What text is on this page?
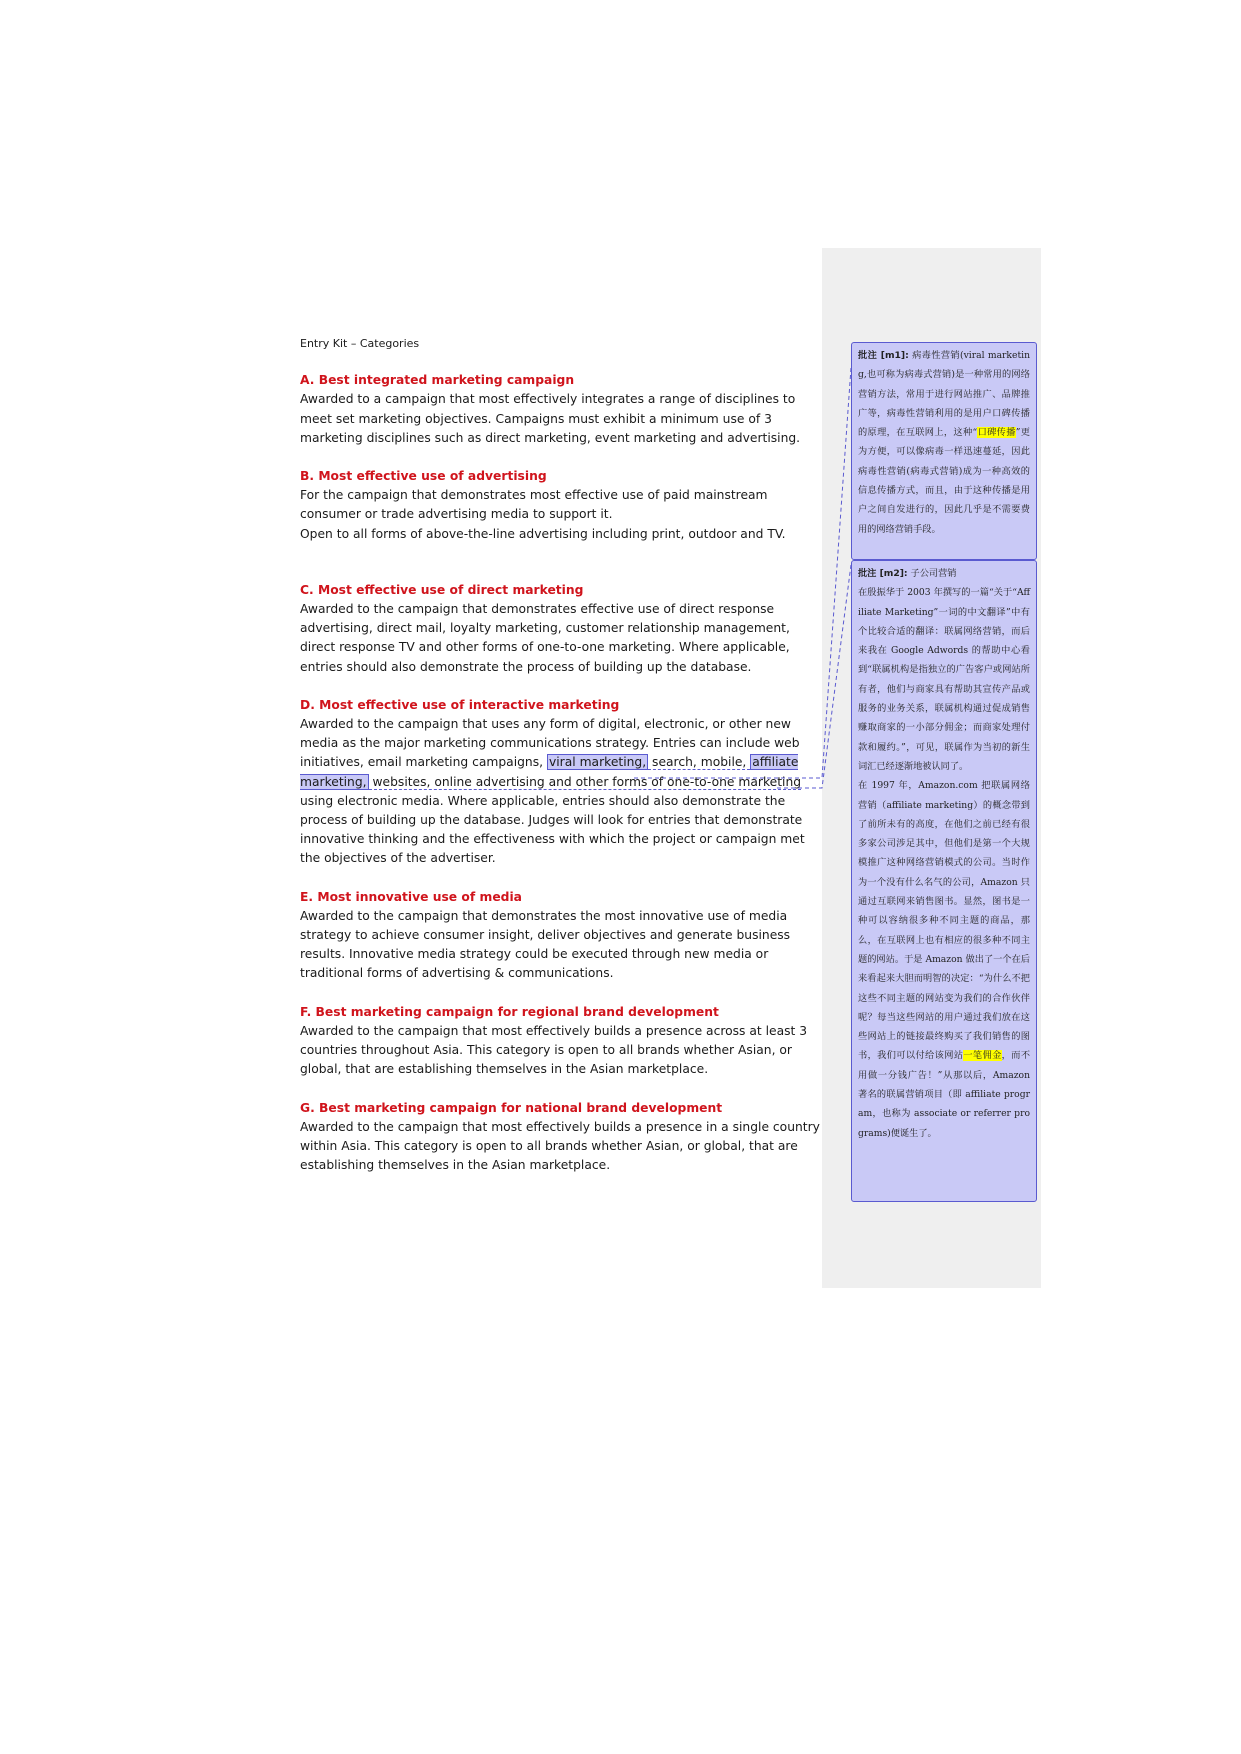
Entry Kit – Categories

A. Best integrated marketing campaign

Awarded to a campaign that most effectively integrates a range of disciplines to meet set marketing objectives. Campaigns must exhibit a minimum use of 3 marketing disciplines such as direct marketing, event marketing and advertising.

B. Most effective use of advertising

For the campaign that demonstrates most effective use of paid mainstream consumer or trade advertising media to support it.

Open to all forms of above-the-line advertising including print, outdoor and TV.

C. Most effective use of direct marketing

Awarded to the campaign that demonstrates effective use of direct response advertising, direct mail, loyalty marketing, customer relationship management, direct response TV and other forms of one-to-one marketing. Where applicable, entries should also demonstrate the process of building up the database.

D. Most effective use of interactive marketing

Awarded to the campaign that uses any form of digital, electronic, or other new media as the major marketing communications strategy. Entries can include web initiatives, email marketing campaigns, viral marketing, search, mobile, affiliate marketing, websites, online advertising and other forms of one-to-one marketing using electronic media. Where applicable, entries should also demonstrate the process of building up the database. Judges will look for entries that demonstrate innovative thinking and the effectiveness with which the project or campaign met the objectives of the advertiser.

E. Most innovative use of media

Awarded to the campaign that demonstrates the most innovative use of media strategy to achieve consumer insight, deliver objectives and generate business results. Innovative media strategy could be executed through new media or traditional forms of advertising & communications.

F. Best marketing campaign for regional brand development

Awarded to the campaign that most effectively builds a presence across at least 3 countries throughout Asia. This category is open to all brands whether Asian, or global, that are establishing themselves in the Asian marketplace.

G. Best marketing campaign for national brand development

Awarded to the campaign that most effectively builds a presence in a single country within Asia. This category is open to all brands whether Asian, or global, that are establishing themselves in the Asian marketplace.

批注 [m1]: 病毒性营销(viral marketing,也可称为病毒式营销)是一种常用的网络营销方法，常用于进行网站推广、品牌推广等，病毒性营销利用的是用户口碑传播的原理，在互联网上，这种“口碑传播”更为方便，可以像病毒一样迅速蔓延，因此病毒性营销(病毒式营销)成为一种高效的信息传播方式，而且，由于这种传播是用户之间自发进行的，因此几乎是不需要费用的网络营销手段。

批注 [m2]: 子公司营销

在殷振华于 2003 年撰写的一篇“关于“Affiliate Marketing”一词的中文翻译”中有个比较合适的翻译：联属网络营销，而后来我在 Google Adwords 的帮助中心看到“联属机构是指独立的广告客户或网站所有者，他们与商家具有帮助其宣传产品或服务的业务关系，联属机构通过促成销售赚取商家的一小部分佣金；而商家处理付款和履约。”，可见，联属作为当初的新生词汇已经逐渐地被认同了。

在 1997 年，Amazon.com 把联属网络营销（affiliate marketing）的概念带到了前所未有的高度，在他们之前已经有很多家公司涉足其中，但他们是第一个大规模推广这种网络营销模式的公司。当时作为一个没有什么名气的公司，Amazon 只通过互联网来销售图书。显然，图书是一种可以容纳很多种不同主题的商品，那么，在互联网上也有相应的很多种不同主题的网站。于是 Amazon 做出了一个在后来看起来大胆而明智的决定：“为什么不把这些不同主题的网站变为我们的合作伙伴呢？每当这些网站的用户通过我们放在这些网站上的链接最终购买了我们销售的图书，我们可以付给该网站一笔佣金，而不用做一分钱广告！”从那以后，Amazon 著名的联属营销项目（即 affiliate program，也称为 associate or referrer programs)便诞生了。
